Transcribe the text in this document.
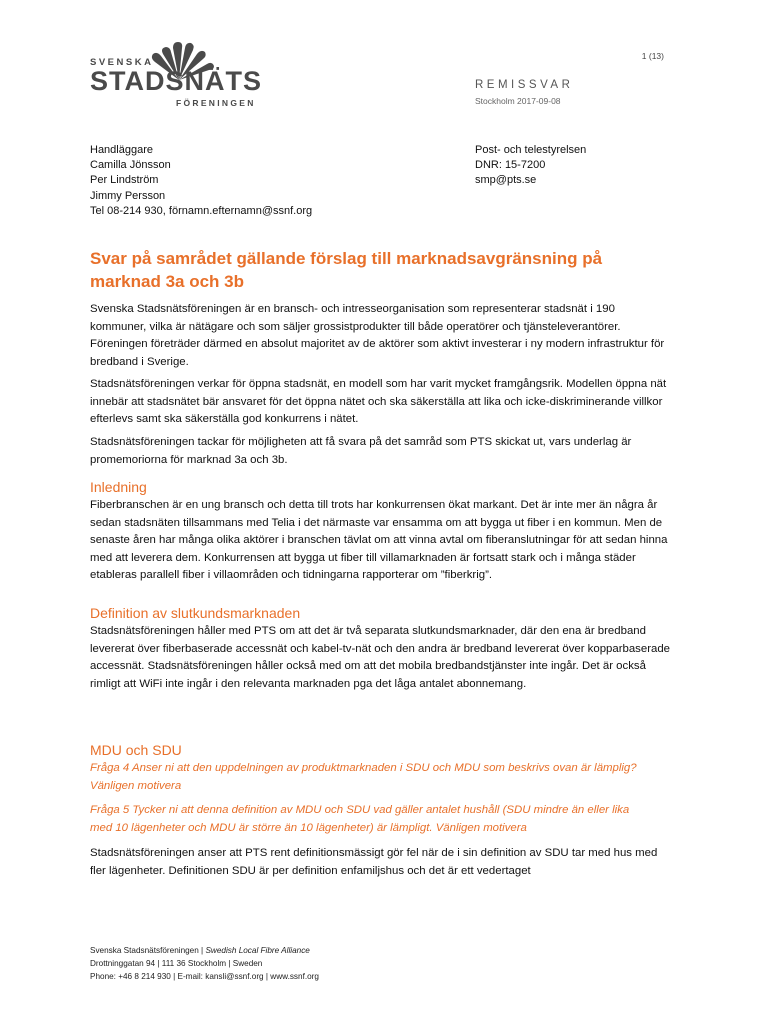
1 (13)
SVENSKA
STADSNÄTS
FÖRENINGEN
REMISSVAR
Stockholm 2017-09-08
Handläggare
Camilla Jönsson
Per Lindström
Jimmy Persson
Tel 08-214 930, förnamn.efternamn@ssnf.org
Post- och telestyrelsen
DNR: 15-7200
smp@pts.se
Svar på samrådet gällande förslag till marknadsavgränsning på marknad 3a och 3b

Svenska Stadsnätsföreningen är en bransch- och intresseorganisation som representerar stadsnät i 190 kommuner, vilka är nätägare och som säljer grossistprodukter till både operatörer och tjänsteleverantörer. Föreningen företräder därmed en absolut majoritet av de aktörer som aktivt investerar i ny modern infrastruktur för bredband i Sverige.

Stadsnätsföreningen verkar för öppna stadsnät, en modell som har varit mycket framgångsrik. Modellen öppna nät innebär att stadsnätet bär ansvaret för det öppna nätet och ska säkerställa att lika och icke-diskriminerande villkor efterlevs samt ska säkerställa god konkurrens i nätet.

Stadsnätsföreningen tackar för möjligheten att få svara på det samråd som PTS skickat ut, vars underlag är promemoriorna för marknad 3a och 3b.

Inledning

Fiberbranschen är en ung bransch och detta till trots har konkurrensen ökat markant. Det är inte mer än några år sedan stadsnäten tillsammans med Telia i det närmaste var ensamma om att bygga ut fiber i en kommun. Men de senaste åren har många olika aktörer i branschen tävlat om att vinna avtal om fiberanslutningar för att sedan hinna med att leverera dem. Konkurrensen att bygga ut fiber till villamarknaden är fortsatt stark och i många städer etableras parallell fiber i villaområden och tidningarna rapporterar om ”fiberkrig”.

Definition av slutkundsmarknaden

Stadsnätsföreningen håller med PTS om att det är två separata slutkundsmarknader, där den ena är bredband levererat över fiberbaserade accessnät och kabel-tv-nät och den andra är bredband levererat över kopparbaserade accessnät. Stadsnätsföreningen håller också med om att det mobila bredbandstjänster inte ingår. Det är också rimligt att WiFi inte ingår i den relevanta marknaden pga det låga antalet abonnemang.

MDU och SDU

Fråga 4 Anser ni att den uppdelningen av produktmarknaden i SDU och MDU som beskrivs ovan är lämplig? Vänligen motivera

Fråga 5 Tycker ni att denna definition av MDU och SDU vad gäller antalet hushåll (SDU mindre än eller lika med 10 lägenheter och MDU är större än 10 lägenheter) är lämpligt. Vänligen motivera

Stadsnätsföreningen anser att PTS rent definitionsmässigt gör fel när de i sin definition av SDU tar med hus med fler lägenheter. Definitionen SDU är per definition enfamiljshus och det är ett vedertaget

Svenska Stadsnätsföreningen | Swedish Local Fibre Alliance
Drottninggatan 94 | 111 36 Stockholm | Sweden
Phone: +46 8 214 930 | E-mail: kansli@ssnf.org | www.ssnf.org
